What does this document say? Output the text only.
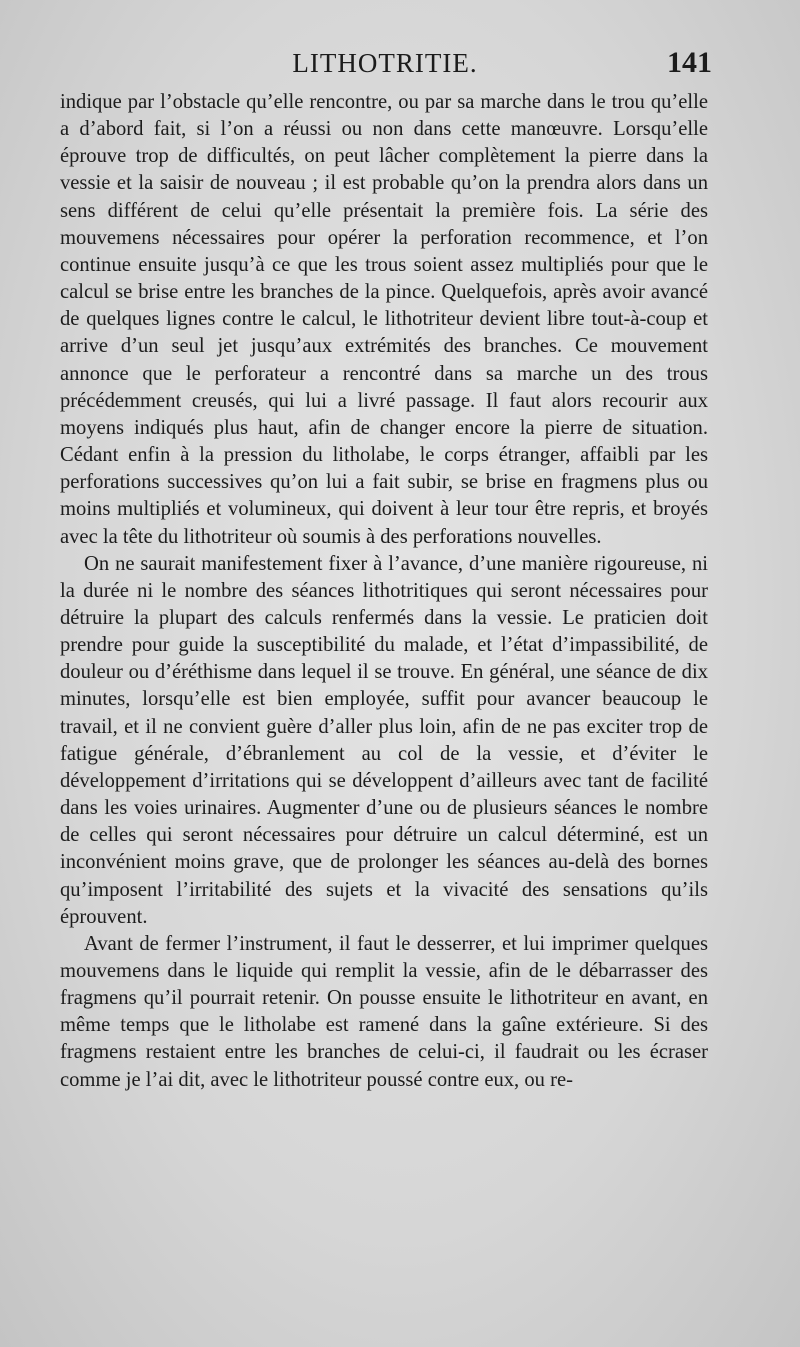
LITHOTRITIE.	141

indique par l’obstacle qu’elle rencontre, ou par sa marche dans le trou qu’elle a d’abord fait, si l’on a réussi ou non dans cette manœuvre. Lorsqu’elle éprouve trop de difficultés, on peut lâcher complètement la pierre dans la vessie et la saisir de nouveau ; il est probable qu’on la prendra alors dans un sens différent de celui qu’elle présentait la première fois. La série des mouvemens nécessaires pour opérer la perforation recommence, et l’on continue ensuite jusqu’à ce que les trous soient assez multipliés pour que le calcul se brise entre les branches de la pince. Quelquefois, après avoir avancé de quelques lignes contre le calcul, le lithotriteur devient libre tout-à-coup et arrive d’un seul jet jusqu’aux extrémités des branches. Ce mouvement annonce que le perforateur a rencontré dans sa marche un des trous précédemment creusés, qui lui a livré passage. Il faut alors recourir aux moyens indiqués plus haut, afin de changer encore la pierre de situation. Cédant enfin à la pression du litholabe, le corps étranger, affaibli par les perforations successives qu’on lui a fait subir, se brise en fragmens plus ou moins multipliés et volumineux, qui doivent à leur tour être repris, et broyés avec la tête du lithotriteur où soumis à des perforations nouvelles.

On ne saurait manifestement fixer à l’avance, d’une manière rigoureuse, ni la durée ni le nombre des séances lithotritiques qui seront nécessaires pour détruire la plupart des calculs renfermés dans la vessie. Le praticien doit prendre pour guide la susceptibilité du malade, et l’état d’impassibilité, de douleur ou d’éréthisme dans lequel il se trouve. En général, une séance de dix minutes, lorsqu’elle est bien employée, suffit pour avancer beaucoup le travail, et il ne convient guère d’aller plus loin, afin de ne pas exciter trop de fatigue générale, d’ébranlement au col de la vessie, et d’éviter le développement d’irritations qui se développent d’ailleurs avec tant de facilité dans les voies urinaires. Augmenter d’une ou de plusieurs séances le nombre de celles qui seront nécessaires pour détruire un calcul déterminé, est un inconvénient moins grave, que de prolonger les séances au-delà des bornes qu’imposent l’irritabilité des sujets et la vivacité des sensations qu’ils éprouvent.

Avant de fermer l’instrument, il faut le desserrer, et lui imprimer quelques mouvemens dans le liquide qui remplit la vessie, afin de le débarrasser des fragmens qu’il pourrait retenir. On pousse ensuite le lithotriteur en avant, en même temps que le litholabe est ramené dans la gaîne extérieure. Si des fragmens restaient entre les branches de celui-ci, il faudrait ou les écraser comme je l’ai dit, avec le lithotriteur poussé contre eux, ou re-
